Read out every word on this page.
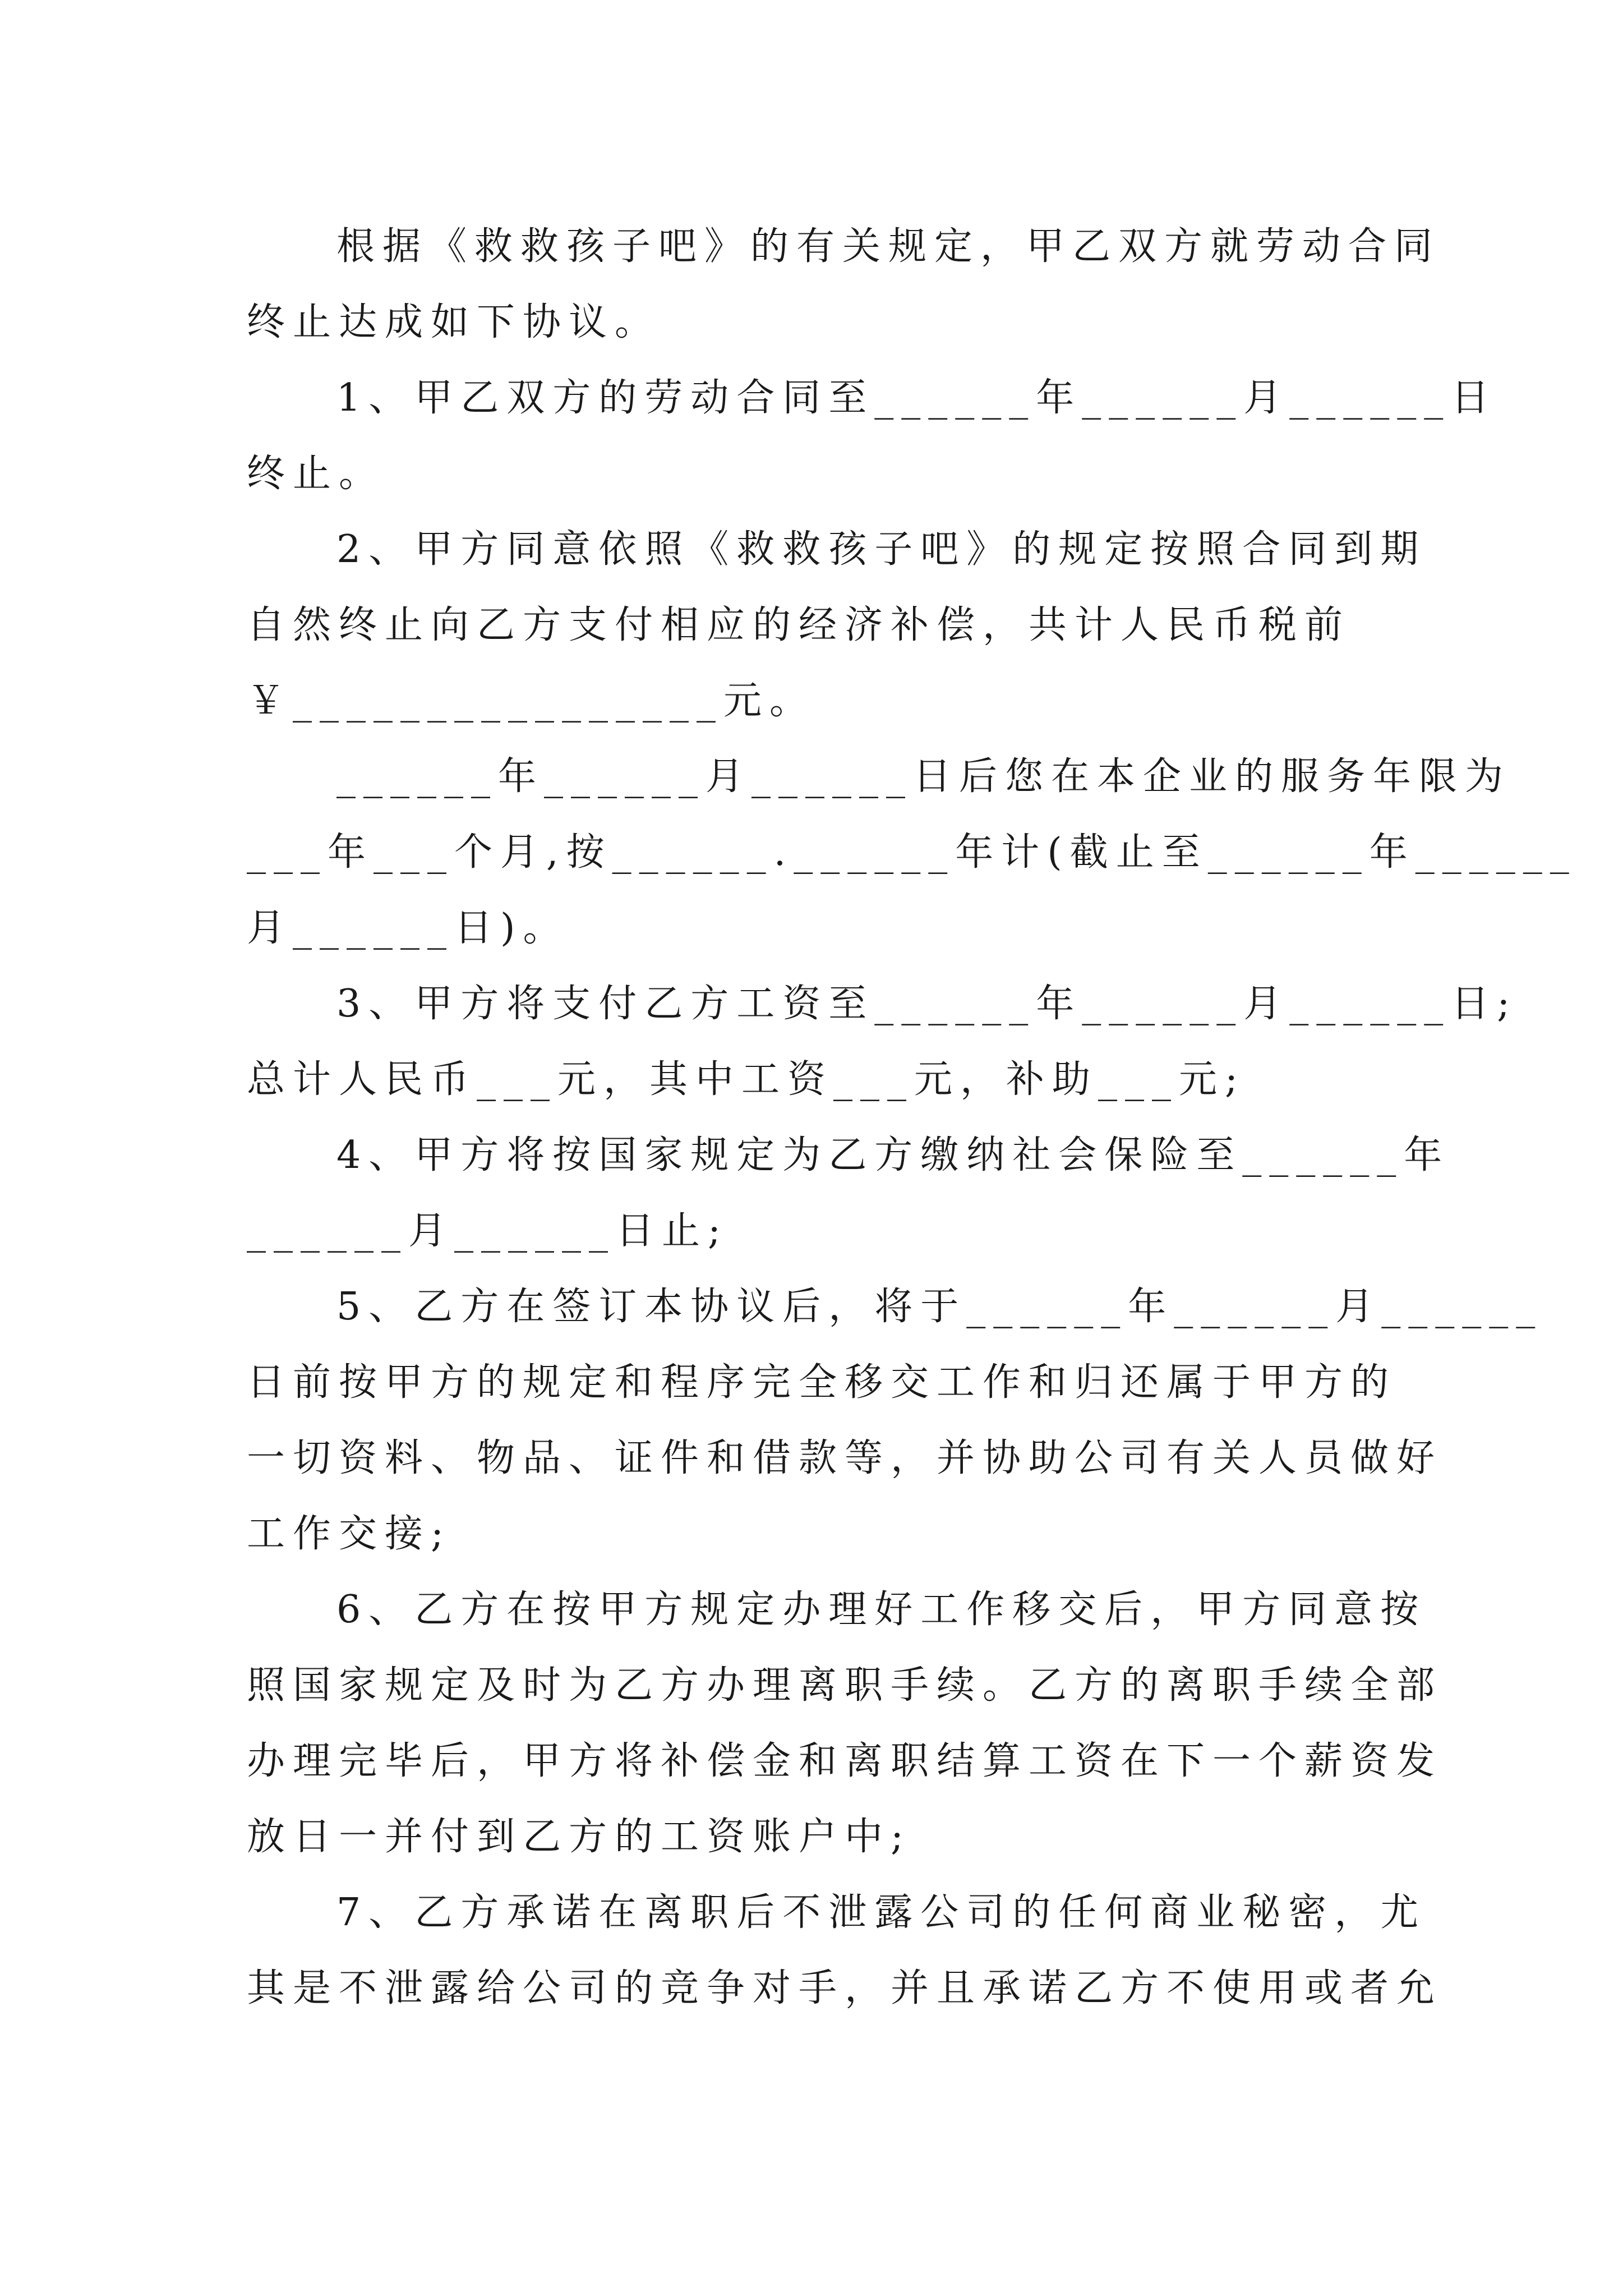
根据《救救孩子吧》的有关规定，甲乙双方就劳动合同
终止达成如下协议。
1、甲乙双方的劳动合同至______年______月______日
终止。
2、甲方同意依照《救救孩子吧》的规定按照合同到期
自然终止向乙方支付相应的经济补偿，共计人民币税前
￥________________元。
______年______月______日后您在本企业的服务年限为
___年___个月,按______.______年计(截止至______年______
月______日)。
3、甲方将支付乙方工资至______年______月______日;
总计人民币___元，其中工资___元，补助___元;
4、甲方将按国家规定为乙方缴纳社会保险至______年
______月______日止;
5、乙方在签订本协议后，将于______年______月______
日前按甲方的规定和程序完全移交工作和归还属于甲方的
一切资料、物品、证件和借款等，并协助公司有关人员做好
工作交接;
6、乙方在按甲方规定办理好工作移交后，甲方同意按
照国家规定及时为乙方办理离职手续。乙方的离职手续全部
办理完毕后，甲方将补偿金和离职结算工资在下一个薪资发
放日一并付到乙方的工资账户中;
7、乙方承诺在离职后不泄露公司的任何商业秘密，尤
其是不泄露给公司的竞争对手，并且承诺乙方不使用或者允
